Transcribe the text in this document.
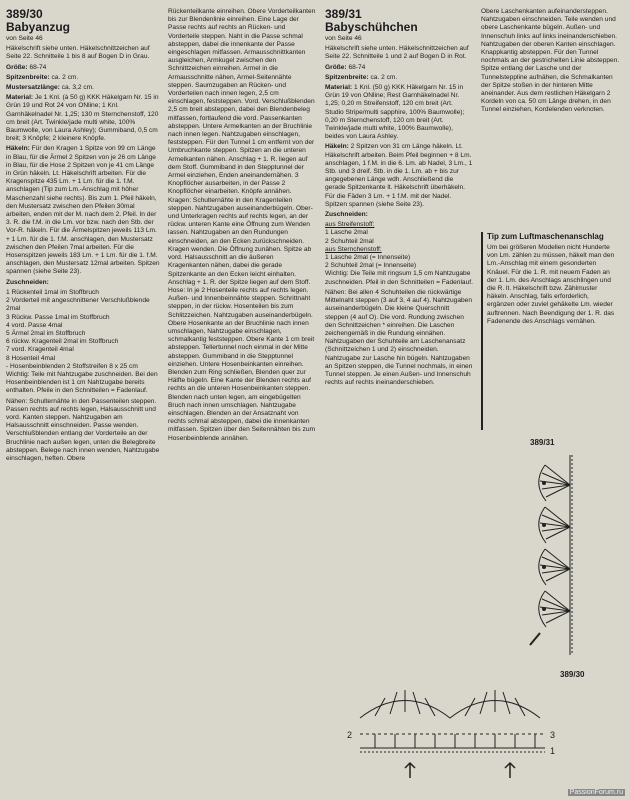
389/30
Babyanzug

von Seite 46

Häkelschrift siehe unten. Häkelschnittzeichen auf Seite 22. Schnitteile 1 bis 8 auf Bogen D in Grau.

Größe: 68-74

Spitzenbreite: ca. 2 cm.

Mustersatzlänge: ca. 3,2 cm.

Material: Je 1 Knl. (à 50 g) KKK Häkelgarn Nr. 15 in Grün 19 und Rot 24 von ONline; 1 Knl. Garnhäkelnadel Nr. 1,25; 130 m Sternchenstoff, 120 cm breit (Art. Twinkle/jade multi white, 100% Baumwolle, von Laura Ashley); Gummiband, 0,5 cm breit; 3 Knöpfe; 2 kleinere Knöpfe.

Häkeln: Für den Kragen 1 Spitze von 99 cm Länge in Blau, für die Ärmel 2 Spitzen von je 26 cm Länge in Blau, für die Hose 2 Spitzen von je 41 cm Länge in Grün häkeln. Lt. Häkelschrift arbeiten. Für die Kragenspitze 435 Lm. + 1 Lm. für die 1. f.M. anschlagen (Tip zum Lm.-Anschlag mit höher Maschenzahl siehe rechts). Bis zum 1. Pfeil häkeln, den Mustersatz zwischen den Pfeilen 30mal arbeiten, enden mit der M. nach dem 2. Pfeil. In der 3. R. die f.M. in die Lm. vor bzw. nach den Stb. der Vor-R. häkeln. Für die Ärmelspitzen jeweils 113 Lm. + 1 Lm. für die 1. f.M. anschlagen, den Mustersatz zwischen den Pfeilen 7mal arbeiten. Für die Hosenspitzen jeweils 183 Lm. + 1 Lm. für die 1. f.M. anschlagen, den Mustersatz 12mal arbeiten. Spitzen spannen (siehe Seite 23).

Zuschneiden:

1 Rückenteil 1mal im Stoffbruch
2 Vorderteil mit angeschnittener Verschlußblende 2mal
3 Rückw. Passe 1mal im Stoffbruch
4 vord. Passe 4mal
5 Ärmel 2mal im Stoffbruch
6 rückw. Kragenteil 2mal im Stoffbruch
7 vord. Kragenteil 4mal
8 Hosenteil 4mal
- Hosenbeinblenden 2 Stoffstreifen 8 x 25 cm

Wichtig: Teile mit Nahtzugabe zuschneiden. Bei den Hosenbeinblenden ist 1 cm Nahtzugabe bereits enthalten. Pfeile in den Schnitteilen = Fadenlauf.

Nähen: Schulternähte in den Passenteilen steppen. Passen rechts auf rechts legen, Halsausschnitt und vord. Kanten steppen. Nahtzugaben am Halsausschnitt einschneiden. Passe wenden. Verschlußblenden entlang der Vorderteile an der Bruchlinie nach außen legen, unten die Belegbreite absteppen. Belege nach innen wenden, Nahtzugabe einschlagen, heften. Obere

Rückenteilkante einreihen. Obere Vorderteilkanten bis zur Blendenlinie einreihen. Eine Lage der Passe rechts auf rechts an Rücken- und Vorderteile steppen. Naht in die Passe schmal absteppen, dabei die innenkante der Passe eingeschlagen mitfassen. Armausschnittkanten ausgleichen, Armkugel zwischen den Schnittzeichen einreihen. Armel in die Armausschnitte nähen, Armel-Seitennähte steppen. Saumzugaben an Rücken- und Vorderteilen nach innen legen, 2,5 cm einschlagen, feststeppen. Vord. Verschlußblenden 2,5 cm breit absteppen, dabei den Blendenbeleg mitfassen, fortlaufend die vord. Passenkanten absteppen. Untere Armelkanten an der Bruchlinie nach innen legen. Nahtzugaben einschlagen, feststeppen. Für den Tunnel 1 cm entfernt von der Umbruchkante steppen. Spitzen an die unteren Armelkanten nähen. Anschlag + 1. R. liegen auf dem Stoff. Gummiband in den Stepptunnel der Armel einziehen, Enden aneinandernähen. 3 Knopflöcher ausarbeiten, in der Passe 2 Knopflöcher einarbeiten. Knöpfe annähen. Kragen: Schulternähte in den Kragenteilen steppen. Nahtzugaben auseinanderbügeln. Ober- und Unterkragen rechts auf rechts legen, an der rückw. unteren Kante eine Öffnung zum Wenden lassen. Nahtzugaben an den Rundungen einschneiden, an den Ecken zurückschneiden. Kragen wenden. Die Öffnung zunähen. Spitze ab vord. Halsausschnitt an die äußeren Kragenkanten nähen, dabei die gerade Spitzenkante an den Ecken leicht einhalten. Anschlag + 1. R. der Spitze liegen auf dem Stoff. Hose: In je 2 Hosenteile rechts auf rechts legen. Außen- und Innenbeinnähte steppen. Schrittnaht steppen, in der rückw. Hosenteilen bis zum Schlitzzeichen. Nahtzugaben auseinanderbügeln. Obere Hosenkante an der Bruchlinie nach innen umschlagen, Nahtzugabe einschlagen, schmalkantig feststeppen. Obere Kante 1 cm breit absteppen. Tellertunnel noch einmal in der Mitte absteppen. Gummiband in die Stepptunnel einziehen. Untere Hosenbeinkanten einreihen. Blenden zum Ring schließen, Blenden quer zur Hälfte bügeln. Eine Kante der Blenden rechts auf rechts an die unteren Hosenbeinkanten steppen. Blenden nach unten legen, am eingebügelten Bruch nach innen umschlagen. Nahtzugabe einschlagen. Blenden an der Ansatznaht von rechts schmal absteppen, dabei die innenkanten mitfassen. Spitzen über den Seitennähten bis zum Hosenbeinblende annähen.

389/31
Babyschühchen

von Seite 46

Häkelschrift siehe unten. Häkelschnittzeichen auf Seite 22. Schnitteile 1 und 2 auf Bogen D in Rot.

Größe: 68-74

Spitzenbreite: ca. 2 cm.

Material: 1 Knl. (50 g) KKK Häkelgarn Nr. 15 in Grün 19 von ONline; Rest Garnhäkelnadel Nr. 1,25; 0,20 m Streifenstoff, 120 cm breit (Art. Studio Stripe/multi sapphire, 100% Baumwolle); 0,20 m Sternchenstoff, 120 cm breit (Art. Twinkle/jade multi white, 100% Baumwolle), beides von Laura Ashley.

Häkeln: 2 Spitzen von 31 cm Länge häkeln. Lt. Häkelschrift arbeiten. Beim Pfeil beginnen + 8 Lm. anschlagen, 1 f.M. in die 6. Lm. ab Nadel, 3 Lm., 1 Stb. und 3 dreif. Stb. in die 1. Lm. ab + bis zur angegebenen Länge wdh. Anschließend die gerade Spitzenkante lt. Häkelschrift überhäkeln. Für die Fäden 3 Lm. + 1 f.M. mit der Nadel. Spitzen spannen (siehe Seite 23).

Zuschneiden:

aus Streifenstoff:
1 Lasche 2mal
2 Schuhteil 2mal
aus Sternchenstoff:
1 Lasche 2mal (= Innenseite)
2 Schuhteil 2mal (= Innenseite)

Wichtig: Die Teile mit ringsum 1,5 cm Nahtzugabe zuschneiden. Pfeil in den Schnitteilen = Fadenlauf.

Nähen: Bei allen 4 Schuhteilen die rückwärtige Mittelnaht steppen (3 auf 3, 4 auf 4). Nahtzugaben auseinanderbügeln. Die kleine Querschnitt steppen (4 auf O). Die vord. Rundung zwischen den Schnittzeichen * einreihen. Die Laschen zeichengemäß in die Rundung einnähen. Nahtzugaben der Schuhteile am Laschenansatz (Schnittzeichen 1 und 2) einschneiden. Nahtzugabe zur Lasche hin bügeln. Nahtzugaben an Spitzen steppen, die Tunnel nochmals, in einen Tunnel steppen. Je einen Außen- und Innenschuh rechts auf rechts ineinanderschieben.

Obere Laschenkanten aufeinandersteppen. Nahtzugaben einschneiden. Teile wenden und obere Laschenkante bügeln. Außen- und Innenschuh links auf links ineinanderschieben. Nahtzugaben der oberen Kanten einschlagen. Knappkantig absteppen. Für den Tunnel nochmals an der gestrichelten Linie absteppen. Spitze entlang der Lasche und der Tunnelsteppline aufnähen, die Schmalkanten der Spitze stoßen in der hinteren Mitte aneinander. Aus dem restlichen Häkelgarn 2 Kordeln von ca. 50 cm Länge drehen, in den Tunnel einziehen, Kordelenden verknoten.

Tip zum Luftmaschenanschlag
Um bei größeren Modellen nicht Hunderte von Lm. zählen zu müssen, häkelt man den Lm.-Anschlag mit einem gesonderten Knäuel. Für die 1. R. mit neuem Faden an der 1. Lm. des Anschlags anschlingen und die R. lt. Häkelschrift bzw. Zählmuster häkeln. Anschlag, falls erforderlich, ergänzen oder zuviel gehäkelte Lm. wieder auftrennen. Nach Beendigung der 1. R. das Fadenende des Anschlags vernähen.
389/31
389/30
2	3
1
PassionForum.ru
